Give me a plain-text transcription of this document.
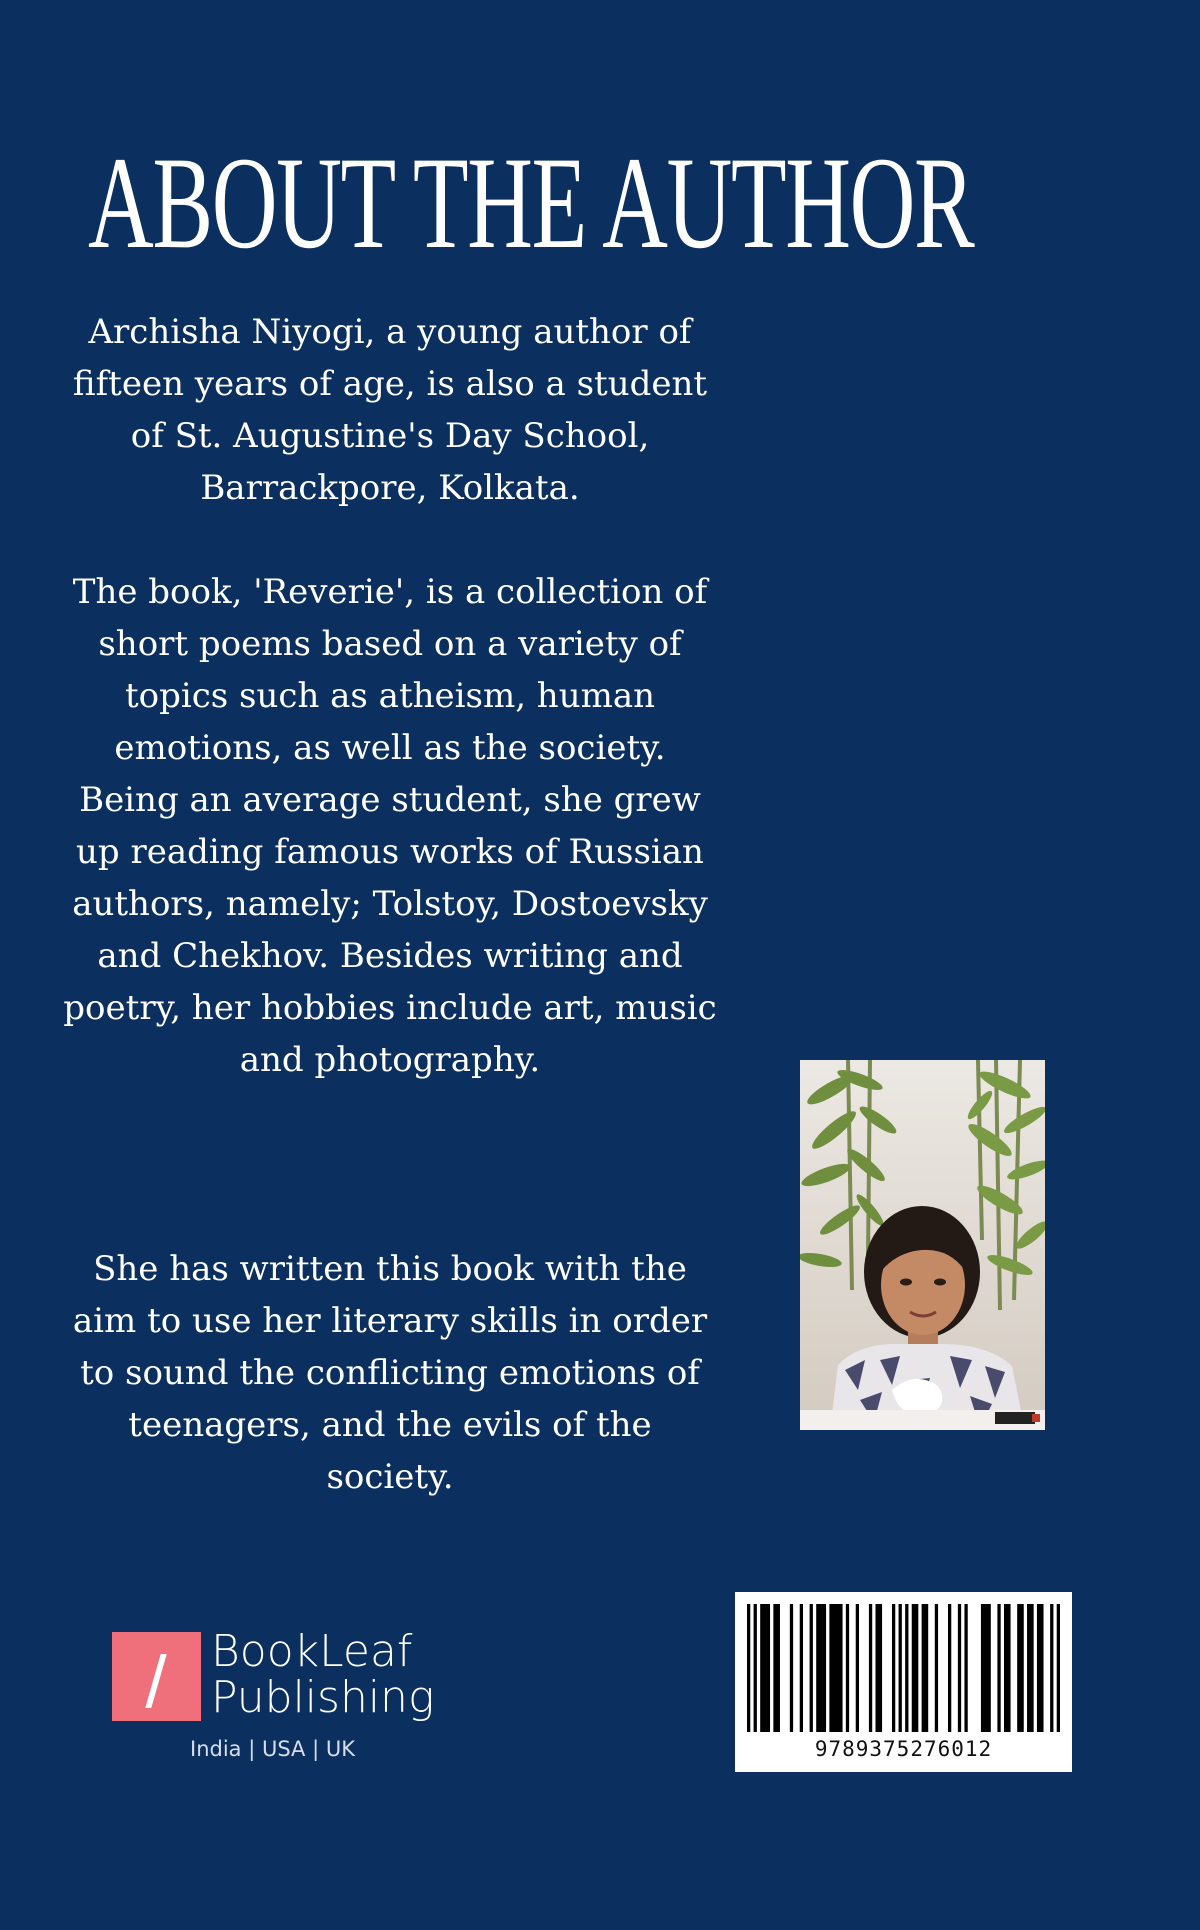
ABOUT THE AUTHOR

Archisha Niyogi, a young author of fifteen years of age, is also a student of St. Augustine's Day School, Barrackpore, Kolkata.

The book, 'Reverie', is a collection of short poems based on a variety of topics such as atheism, human emotions, as well as the society. Being an average student, she grew up reading famous works of Russian authors, namely; Tolstoy, Dostoevsky and Chekhov. Besides writing and poetry, her hobbies include art, music and photography.

She has written this book with the aim to use her literary skills in order to sound the conflicting emotions of teenagers, and the evils of the society.

BookLeaf
Publishing
India | USA | UK	9789375276012
